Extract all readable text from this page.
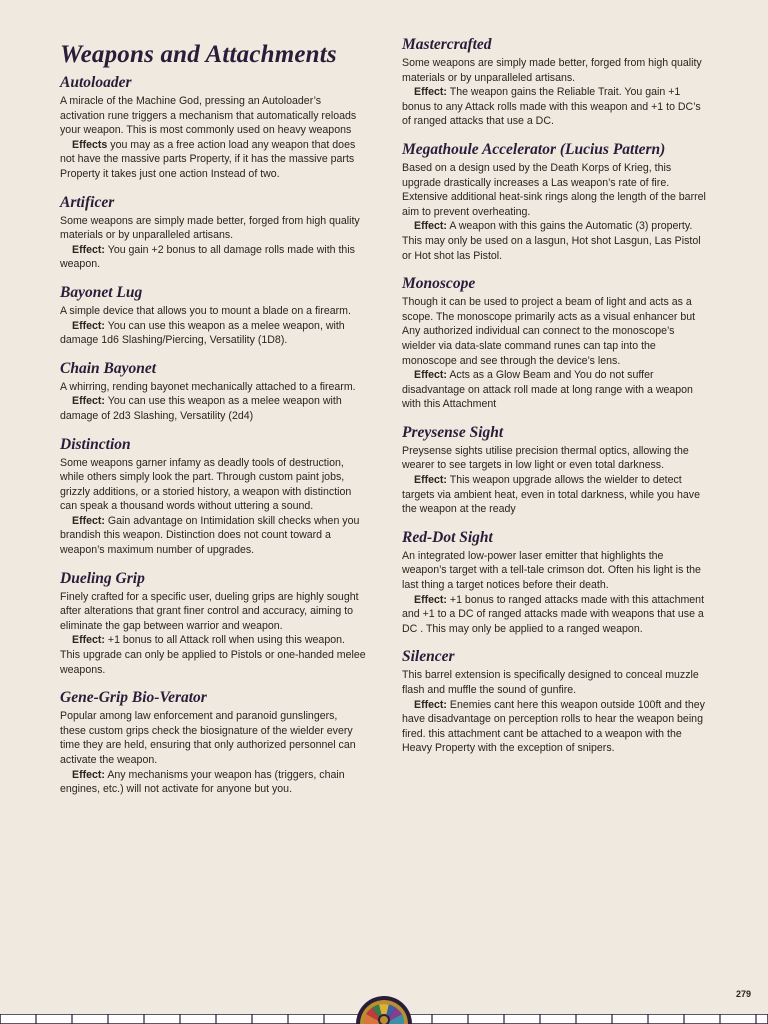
Weapons and Attachments
Autoloader

A miracle of the Machine God, pressing an Autoloader’s activation rune triggers a mechanism that automatically reloads your weapon. This is most commonly used on heavy weapons

Effects you may as a free action load any weapon that does not have the massive parts Property, if it has the massive parts Property it takes just one action Instead of two.

Artificer

Some weapons are simply made better, forged from high quality materials or by unparalleled artisans.

Effect: You gain +2 bonus to all damage rolls made with this weapon.

Bayonet Lug

A simple device that allows you to mount a blade on a firearm.

Effect: You can use this weapon as a melee weapon, with damage 1d6 Slashing/Piercing, Versatility (1D8).

Chain Bayonet

A whirring, rending bayonet mechanically attached to a firearm.

Effect: You can use this weapon as a melee weapon with damage of 2d3 Slashing, Versatility (2d4)

Distinction

Some weapons garner infamy as deadly tools of destruction, while others simply look the part. Through custom paint jobs, grizzly additions, or a storied history, a weapon with distinction can speak a thousand words without uttering a sound.

Effect: Gain advantage on Intimidation skill checks when you brandish this weapon. Distinction does not count toward a weapon’s maximum number of upgrades.

Dueling Grip

Finely crafted for a specific user, dueling grips are highly sought after alterations that grant finer control and accuracy, aiming to eliminate the gap between warrior and weapon.

Effect: +1 bonus to all Attack roll when using this weapon. This upgrade can only be applied to Pistols or one-handed melee weapons.

Gene-Grip Bio-Verator

Popular among law enforcement and paranoid gunslingers, these custom grips check the biosignature of the wielder every time they are held, ensuring that only authorized personnel can activate the weapon.

Effect: Any mechanisms your weapon has (triggers, chain engines, etc.) will not activate for anyone but you.

Mastercrafted

Some weapons are simply made better, forged from high quality materials or by unparalleled artisans.

Effect: The weapon gains the Reliable Trait. You gain +1 bonus to any Attack rolls made with this weapon and +1 to DC’s of ranged attacks that use a DC.

Megathoule Accelerator (Lucius Pattern)

Based on a design used by the Death Korps of Krieg, this upgrade drastically increases a Las weapon’s rate of fire. Extensive additional heat-sink rings along the length of the barrel aim to prevent overheating.

Effect: A weapon with this gains the Automatic (3) property. This may only be used on a lasgun, Hot shot Lasgun, Las Pistol or Hot shot las Pistol.

Monoscope

Though it can be used to project a beam of light and acts as a scope. The monoscope primarily acts as a visual enhancer but Any authorized individual can connect to the monoscope’s wielder via data-slate command runes can tap into the monoscope and see through the device’s lens.

Effect: Acts as a Glow Beam and You do not suffer disadvantage on attack roll made at long range with a weapon with this Attachment

Preysense Sight

Preysense sights utilise precision thermal optics, allowing the wearer to see targets in low light or even total darkness.

Effect: This weapon upgrade allows the wielder to detect targets via ambient heat, even in total darkness, while you have the weapon at the ready

Red-Dot Sight

An integrated low-power laser emitter that highlights the weapon’s target with a tell-tale crimson dot. Often his light is the last thing a target notices before their death.

Effect: +1 bonus to ranged attacks made with this attachment and +1 to a DC of ranged attacks made with weapons that use a DC . This may only be applied to a ranged weapon.

Silencer

This barrel extension is specifically designed to conceal muzzle flash and muffle the sound of gunfire.

Effect: Enemies cant here this weapon outside 100ft and they have disadvantage on perception rolls to hear the weapon being fired. this attachment cant be attached to a weapon with the Heavy Property with the exception of snipers.

279
